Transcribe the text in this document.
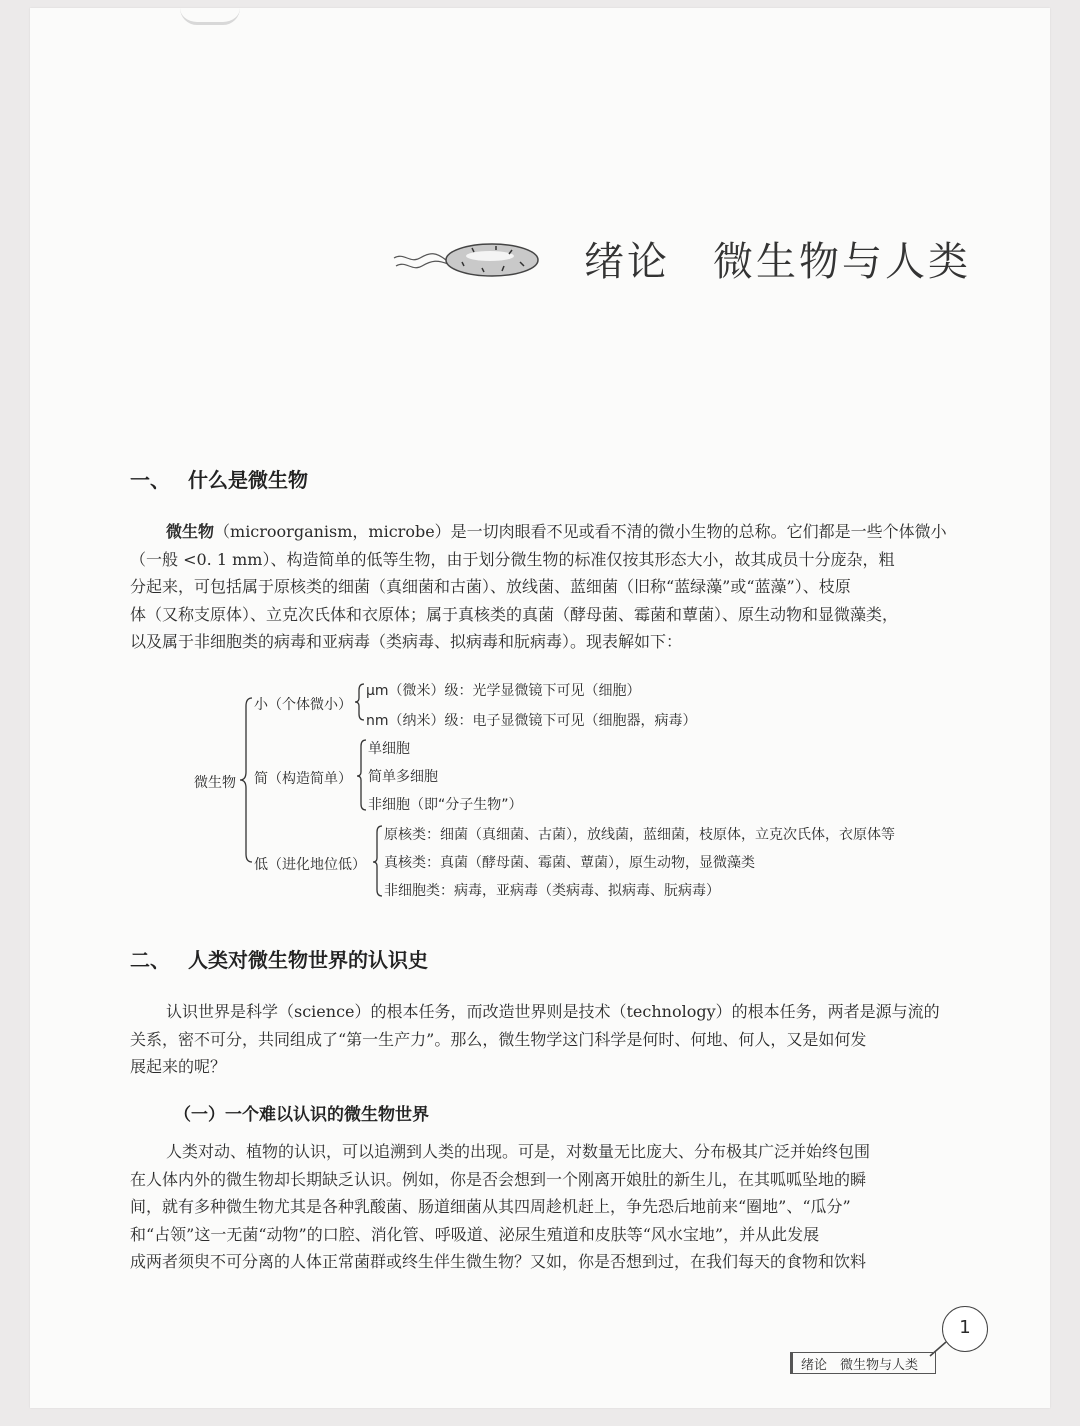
绪论　微生物与人类
一、 什么是微生物
微生物（microorganism，microbe）是一切肉眼看不见或看不清的微小生物的总称。它们都是一些个体微小
（一般 <0. 1 mm）、构造简单的低等生物，由于划分微生物的标准仅按其形态大小，故其成员十分庞杂，粗
分起来，可包括属于原核类的细菌（真细菌和古菌）、放线菌、蓝细菌（旧称“蓝绿藻”或“蓝藻”）、枝原
体（又称支原体）、立克次氏体和衣原体；属于真核类的真菌（酵母菌、霉菌和蕈菌）、原生动物和显微藻类，
以及属于非细胞类的病毒和亚病毒（类病毒、拟病毒和朊病毒）。现表解如下：
微生物
小（个体微小）
μm（微米）级：光学显微镜下可见（细胞）
nm（纳米）级：电子显微镜下可见（细胞器，病毒）
简（构造简单）
单细胞
简单多细胞
非细胞（即“分子生物”）
低（进化地位低）
原核类：细菌（真细菌、古菌），放线菌，蓝细菌，枝原体，立克次氏体，衣原体等
真核类：真菌（酵母菌、霉菌、蕈菌），原生动物，显微藻类
非细胞类：病毒，亚病毒（类病毒、拟病毒、朊病毒）
二、 人类对微生物世界的认识史
认识世界是科学（science）的根本任务，而改造世界则是技术（technology）的根本任务，两者是源与流的
关系，密不可分，共同组成了“第一生产力”。那么，微生物学这门科学是何时、何地、何人，又是如何发
展起来的呢？
（一）一个难以认识的微生物世界
人类对动、植物的认识，可以追溯到人类的出现。可是，对数量无比庞大、分布极其广泛并始终包围
在人体内外的微生物却长期缺乏认识。例如，你是否会想到一个刚离开娘肚的新生儿，在其呱呱坠地的瞬
间，就有多种微生物尤其是各种乳酸菌、肠道细菌从其四周趁机赶上，争先恐后地前来“圈地”、“瓜分”
和“占领”这一无菌“动物”的口腔、消化管、呼吸道、泌尿生殖道和皮肤等“风水宝地”，并从此发展
成两者须臾不可分离的人体正常菌群或终生伴生微生物？又如，你是否想到过，在我们每天的食物和饮料
1
绪论　微生物与人类
